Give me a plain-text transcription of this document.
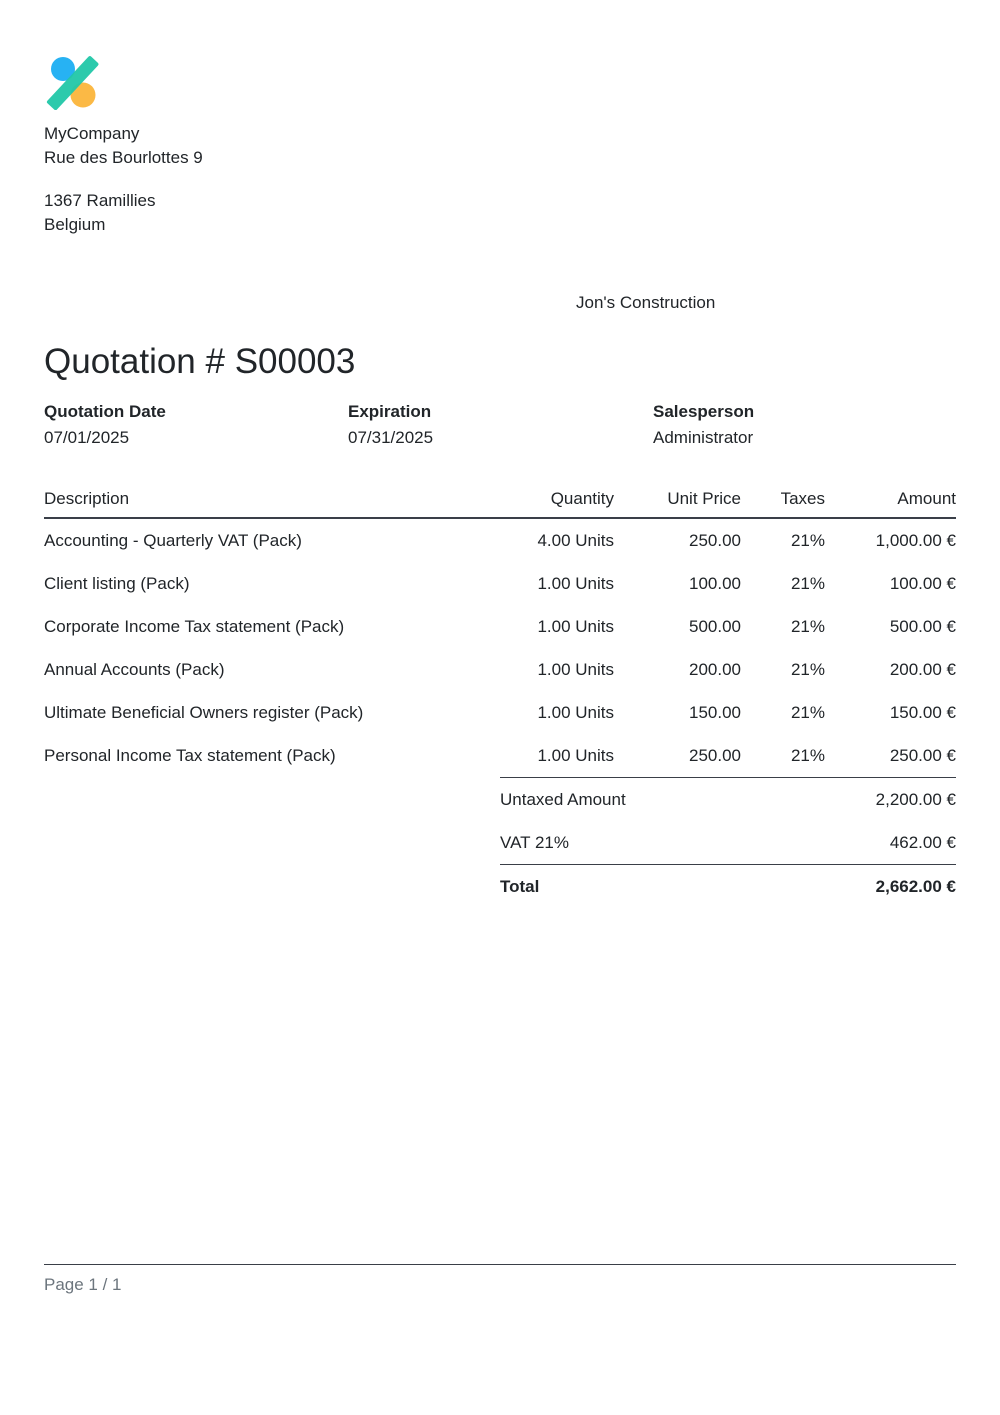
MyCompany
Rue des Bourlottes 9
1367 Ramillies
Belgium
Jon's Construction
Quotation # S00003
Quotation Date
07/01/2025
Expiration
07/31/2025
Salesperson
Administrator
Description	Quantity	Unit Price	Taxes	Amount
Accounting - Quarterly VAT (Pack)	4.00 Units	250.00	21%	1,000.00 €
Client listing (Pack)	1.00 Units	100.00	21%	100.00 €
Corporate Income Tax statement (Pack)	1.00 Units	500.00	21%	500.00 €
Annual Accounts (Pack)	1.00 Units	200.00	21%	200.00 €
Ultimate Beneficial Owners register (Pack)	1.00 Units	150.00	21%	150.00 €
Personal Income Tax statement (Pack)	1.00 Units	250.00	21%	250.00 €
Untaxed Amount	2,200.00 €
VAT 21%	462.00 €
Total	2,662.00 €
Page 1 / 1
